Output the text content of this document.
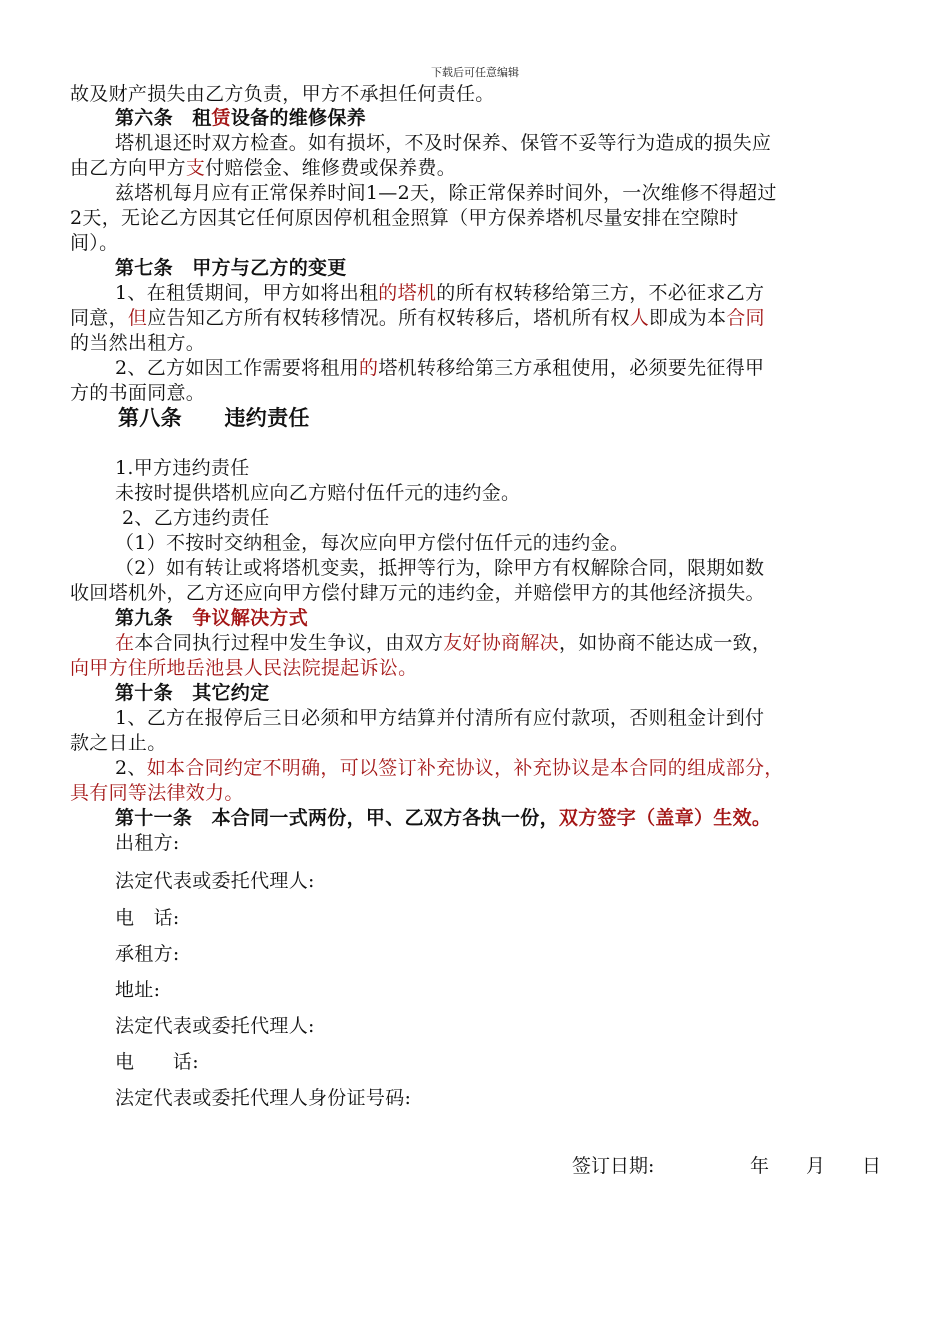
下载后可任意编辑
故及财产损失由乙方负责，甲方不承担任何责任。
第六条　租赁设备的维修保养
塔机退还时双方检查。如有损坏，不及时保养、保管不妥等行为造成的损失应
由乙方向甲方支付赔偿金、维修费或保养费。
兹塔机每月应有正常保养时间1—2天，除正常保养时间外，一次维修不得超过
2天，无论乙方因其它任何原因停机租金照算（甲方保养塔机尽量安排在空隙时
间）。
第七条　甲方与乙方的变更
1、在租赁期间，甲方如将出租的塔机的所有权转移给第三方，不必征求乙方
同意，但应告知乙方所有权转移情况。所有权转移后，塔机所有权人即成为本合同
的当然出租方。
2、乙方如因工作需要将租用的塔机转移给第三方承租使用，必须要先征得甲
方的书面同意。
第八条　　违约责任
1.甲方违约责任
未按时提供塔机应向乙方赔付伍仟元的违约金。
2、乙方违约责任
（1）不按时交纳租金，每次应向甲方偿付伍仟元的违约金。
（2）如有转让或将塔机变卖，抵押等行为，除甲方有权解除合同，限期如数
收回塔机外，乙方还应向甲方偿付肆万元的违约金，并赔偿甲方的其他经济损失。
第九条　争议解决方式
在本合同执行过程中发生争议，由双方友好协商解决，如协商不能达成一致，
向甲方住所地岳池县人民法院提起诉讼。
第十条　其它约定
1、乙方在报停后三日必须和甲方结算并付清所有应付款项，否则租金计到付
款之日止。
2、如本合同约定不明确，可以签订补充协议，补充协议是本合同的组成部分，
具有同等法律效力。
第十一条　本合同一式两份，甲、乙双方各执一份，双方签字（盖章）生效。
出租方:
法定代表或委托代理人:
电　话:
承租方:
地址:
法定代表或委托代理人:
电　　话:
法定代表或委托代理人身份证号码:
签订日期:	年 月 日
